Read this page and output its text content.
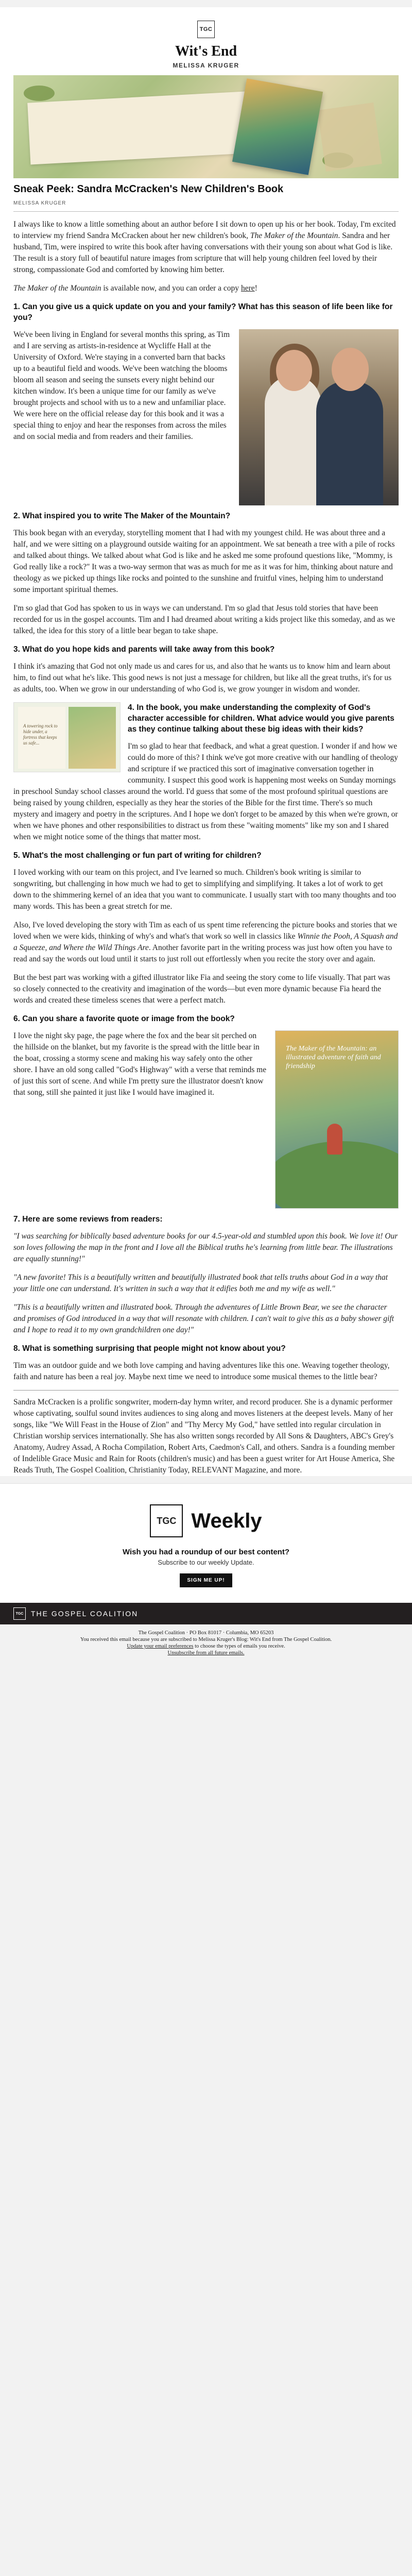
TGC
Wit's End
MELISSA KRUGER
Sneak Peek: Sandra McCracken's New Children's Book
MELISSA KRUGER

I always like to know a little something about an author before I sit down to open up his or her book. Today, I'm excited to interview my friend Sandra McCracken about her new children's book, The Maker of the Mountain. Sandra and her husband, Tim, were inspired to write this book after having conversations with their young son about what God is like. The result is a story full of beautiful nature images from scripture that will help young children feel loved by their strong, compassionate God and comforted by knowing him better.

The Maker of the Mountain is available now, and you can order a copy here!

1. Can you give us a quick update on you and your family? What has this season of life been like for you?

We've been living in England for several months this spring, as Tim and I are serving as artists-in-residence at Wycliffe Hall at the University of Oxford. We're staying in a converted barn that backs up to a beautiful field and woods. We've been watching the blooms bloom all season and seeing the sunsets every night behind our kitchen window. It's been a unique time for our family as we've brought projects and school with us to a new and unfamiliar place. We were here on the official release day for this book and it was a special thing to enjoy and hear the responses from across the miles and on social media and from readers and their families.

2. What inspired you to write The Maker of the Mountain?

This book began with an everyday, storytelling moment that I had with my youngest child. He was about three and a half, and we were sitting on a playground outside waiting for an appointment. We sat beneath a tree with a pile of rocks and talked about things. We talked about what God is like and he asked me some profound questions like, "Mommy, is God really like a rock?" It was a two-way sermon that was as much for me as it was for him, thinking about nature and theology as we picked up things like rocks and pointed to the sunshine and fruitful vines, helping him to understand some important spiritual themes.

I'm so glad that God has spoken to us in ways we can understand. I'm so glad that Jesus told stories that have been recorded for us in the gospel accounts. Tim and I had dreamed about writing a kids project like this someday, and as we talked, the idea for this story of a little bear began to take shape.

3. What do you hope kids and parents will take away from this book?

I think it's amazing that God not only made us and cares for us, and also that he wants us to know him and learn about him, to find out what he's like. This good news is not just a message for children, but like all the great truths, it's for us as adults, too. When we grow in our understanding of who God is, we grow younger in wisdom and wonder.

A towering rock to hide under, a fortress that keeps us safe...
4. In the book, you make understanding the complexity of God's character accessible for children. What advice would you give parents as they continue talking about these big ideas with their kids?

I'm so glad to hear that feedback, and what a great question. I wonder if and how we could do more of this? I think we've got more creative with our handling of theology and scripture if we practiced this sort of imaginative conversation together in community. I suspect this good work is happening most weeks on Sunday mornings in preschool Sunday school classes around the world. I'd guess that some of the most profound spiritual questions are being raised by young children, especially as they hear the stories of the Bible for the first time. There's so much mystery and imagery and poetry in the scriptures. And I hope we don't forget to be amazed by this when we're grown, or when we have phones and other responsibilities to distract us from these "waiting moments" like my son and I shared when we might notice some of the things that matter most.

5. What's the most challenging or fun part of writing for children?

I loved working with our team on this project, and I've learned so much. Children's book writing is similar to songwriting, but challenging in how much we had to get to simplifying and simplifying. It takes a lot of work to get down to the shimmering kernel of an idea that you want to communicate. I usually start with too many thoughts and too many words. This has been a great stretch for me.

Also, I've loved developing the story with Tim as each of us spent time referencing the picture books and stories that we loved when we were kids, thinking of why's and what's that work so well in classics like Winnie the Pooh, A Squash and a Squeeze, and Where the Wild Things Are. Another favorite part in the writing process was just how often you have to read and say the words out loud until it starts to just roll out effortlessly when you recite the story over and again.

But the best part was working with a gifted illustrator like Fia and seeing the story come to life visually. That part was so closely connected to the creativity and imagination of the words—but even more dynamic because Fia heard the words and created these timeless scenes that were a perfect match.

6. Can you share a favorite quote or image from the book?
The Maker of the Mountain: an illustrated adventure of faith and friendship

I love the night sky page, the page where the fox and the bear sit perched on the hillside on the blanket, but my favorite is the spread with the little bear in the boat, crossing a stormy scene and making his way safely onto the other shore. I have an old song called "God's Highway" with a verse that reminds me of just this sort of scene. And while I'm pretty sure the illustrator doesn't know that song, still she painted it just like I would have imagined it.

7. Here are some reviews from readers:

"I was searching for biblically based adventure books for our 4.5-year-old and stumbled upon this book. We love it! Our son loves following the map in the front and I love all the Biblical truths he's learning from little bear. The illustrations are equally stunning!"

"A new favorite! This is a beautifully written and beautifully illustrated book that tells truths about God in a way that your little one can understand. It's written in such a way that it edifies both me and my wife as well."

"This is a beautifully written and illustrated book. Through the adventures of Little Brown Bear, we see the character and promises of God introduced in a way that will resonate with children. I can't wait to give this as a baby shower gift and I hope to read it to my own grandchildren one day!"

8. What is something surprising that people might not know about you?

Tim was an outdoor guide and we both love camping and having adventures like this one. Weaving together theology, faith and nature has been a real joy. Maybe next time we need to introduce some musical themes to the little bear?

Sandra McCracken is a prolific songwriter, modern-day hymn writer, and record producer. She is a dynamic performer whose captivating, soulful sound invites audiences to sing along and moves listeners at the deepest levels. Many of her songs, like "We Will Feast in the House of Zion" and "Thy Mercy My God," have settled into regular circulation in Christian worship services internationally. She has also written songs recorded by All Sons & Daughters, ABC's Grey's Anatomy, Audrey Assad, A Rocha Compilation, Robert Arts, Caedmon's Call, and others. Sandra is a founding member of Indelible Grace Music and Rain for Roots (children's music) and has been a guest writer for Art House America, She Reads Truth, The Gospel Coalition, Christianity Today, RELEVANT Magazine, and more.

TGC Weekly
Wish you had a roundup of our best content?
Subscribe to our weekly Update.
SIGN ME UP!
TGC	THE GOSPEL COALITION
The Gospel Coalition · PO Box 81017 · Columbia, MO 65203
You received this email because you are subscribed to Melissa Kruger's Blog: Wit's End from The Gospel Coalition.
Update your email preferences to choose the types of emails you receive.
Unsubscribe from all future emails.
